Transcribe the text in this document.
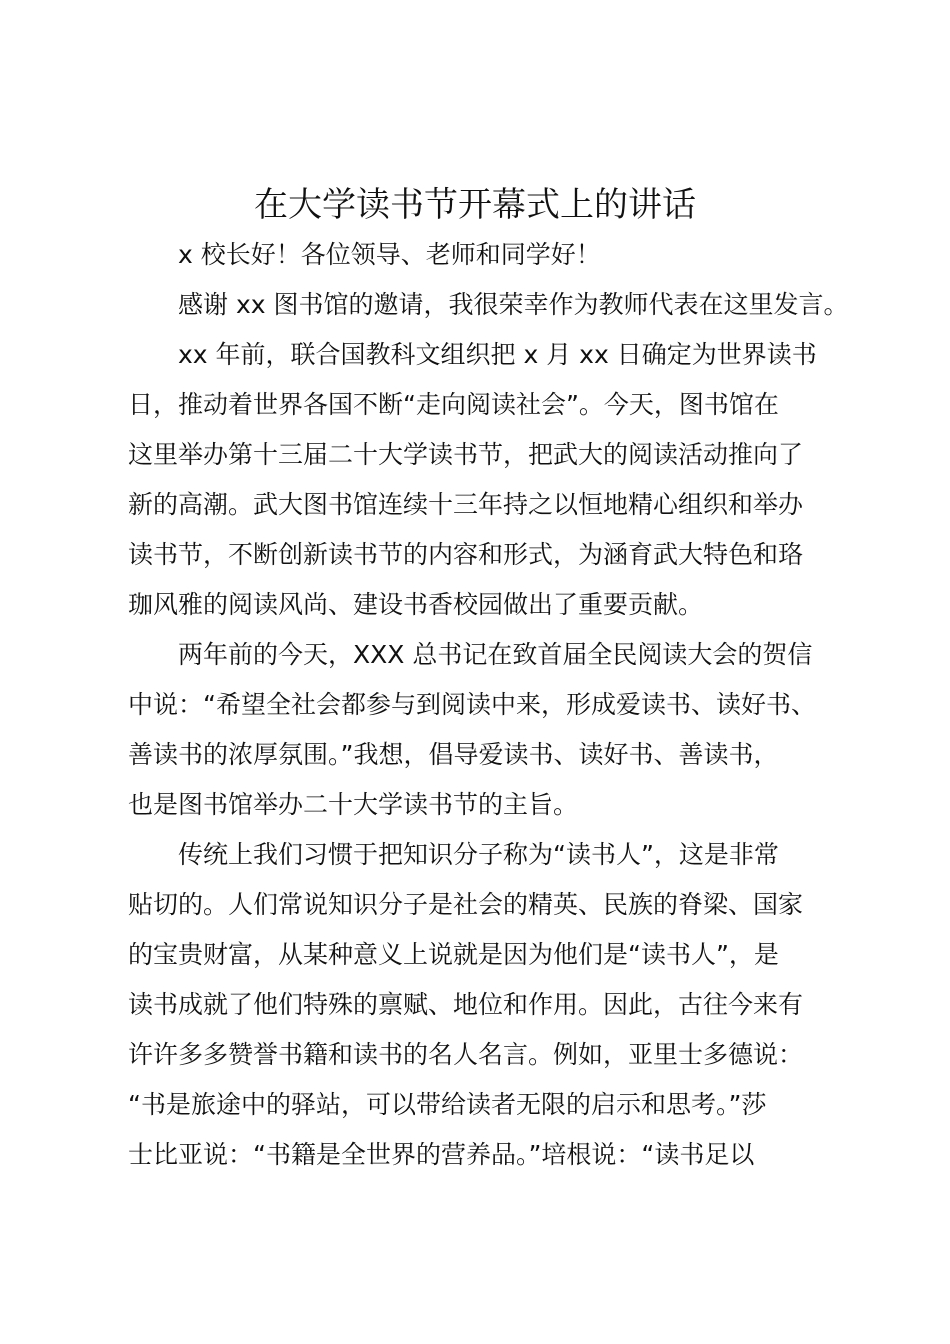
在大学读书节开幕式上的讲话
x 校长好！各位领导、老师和同学好！
感谢 xx 图书馆的邀请，我很荣幸作为教师代表在这里发言。
xx 年前，联合国教科文组织把 x 月 xx 日确定为世界读书
日，推动着世界各国不断“走向阅读社会”。今天，图书馆在
这里举办第十三届二十大学读书节，把武大的阅读活动推向了
新的高潮。武大图书馆连续十三年持之以恒地精心组织和举办
读书节，不断创新读书节的内容和形式，为涵育武大特色和珞
珈风雅的阅读风尚、建设书香校园做出了重要贡献。
两年前的今天，XXX 总书记在致首届全民阅读大会的贺信
中说：“希望全社会都参与到阅读中来，形成爱读书、读好书、
善读书的浓厚氛围。”我想，倡导爱读书、读好书、善读书，
也是图书馆举办二十大学读书节的主旨。
传统上我们习惯于把知识分子称为“读书人”，这是非常
贴切的。人们常说知识分子是社会的精英、民族的脊梁、国家
的宝贵财富，从某种意义上说就是因为他们是“读书人”，是
读书成就了他们特殊的禀赋、地位和作用。因此，古往今来有
许许多多赞誉书籍和读书的名人名言。例如，亚里士多德说：
“书是旅途中的驿站，可以带给读者无限的启示和思考。”莎
士比亚说：“书籍是全世界的营养品。”培根说：“读书足以
